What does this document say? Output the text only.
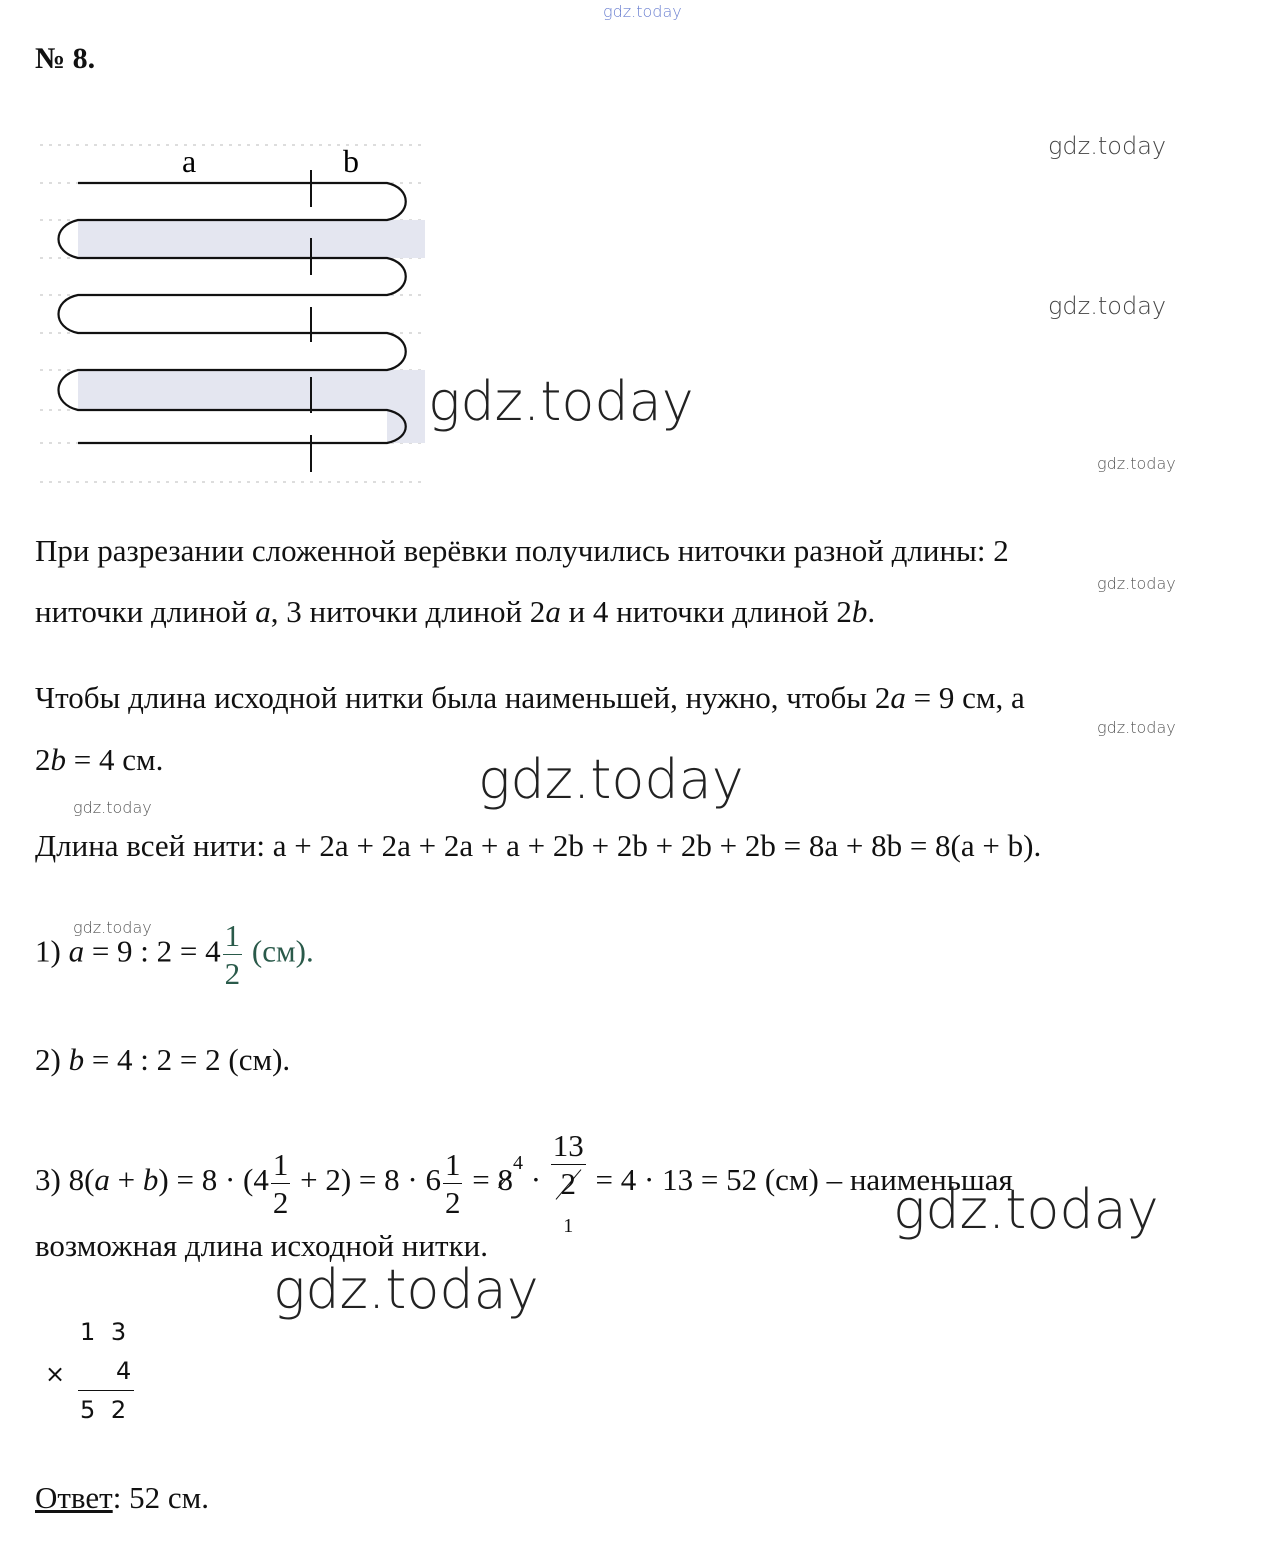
gdz.today
№ 8.
gdz.today
gdz.today
gdz.today
a	b
gdz.today
При разрезании сложенной верёвки получились ниточки разной длины: 2
gdz.today
ниточки длиной a, 3 ниточки длиной 2a и 4 ниточки длиной 2b.
Чтобы длина исходной нитки была наименьшей, нужно, чтобы 2a = 9 см, а
gdz.today
2b = 4 см.	gdz.today
gdz.today
Длина всей нити: a + 2a + 2a + 2a + a + 2b + 2b + 2b + 2b = 8a + 8b = 8(a + b).
gdz.today
1) a = 9 : $2 = 4 \frac{1}{2} (см)$.
2) b = 4 : 2 = 2 (см).
3) $8(a + b) = 8 \cdot (4 \frac{1}{2} + 2) = 8 \cdot 6 \frac{1}{2} = 8^4 \cdot 13$
2
$_1$ = 4 · 13 = 52 (см) – наименьшая
gdz.today
возможная длина исходной нитки.
gdz.today
1 3
× 4
5 2
Ответ: 52 см.
